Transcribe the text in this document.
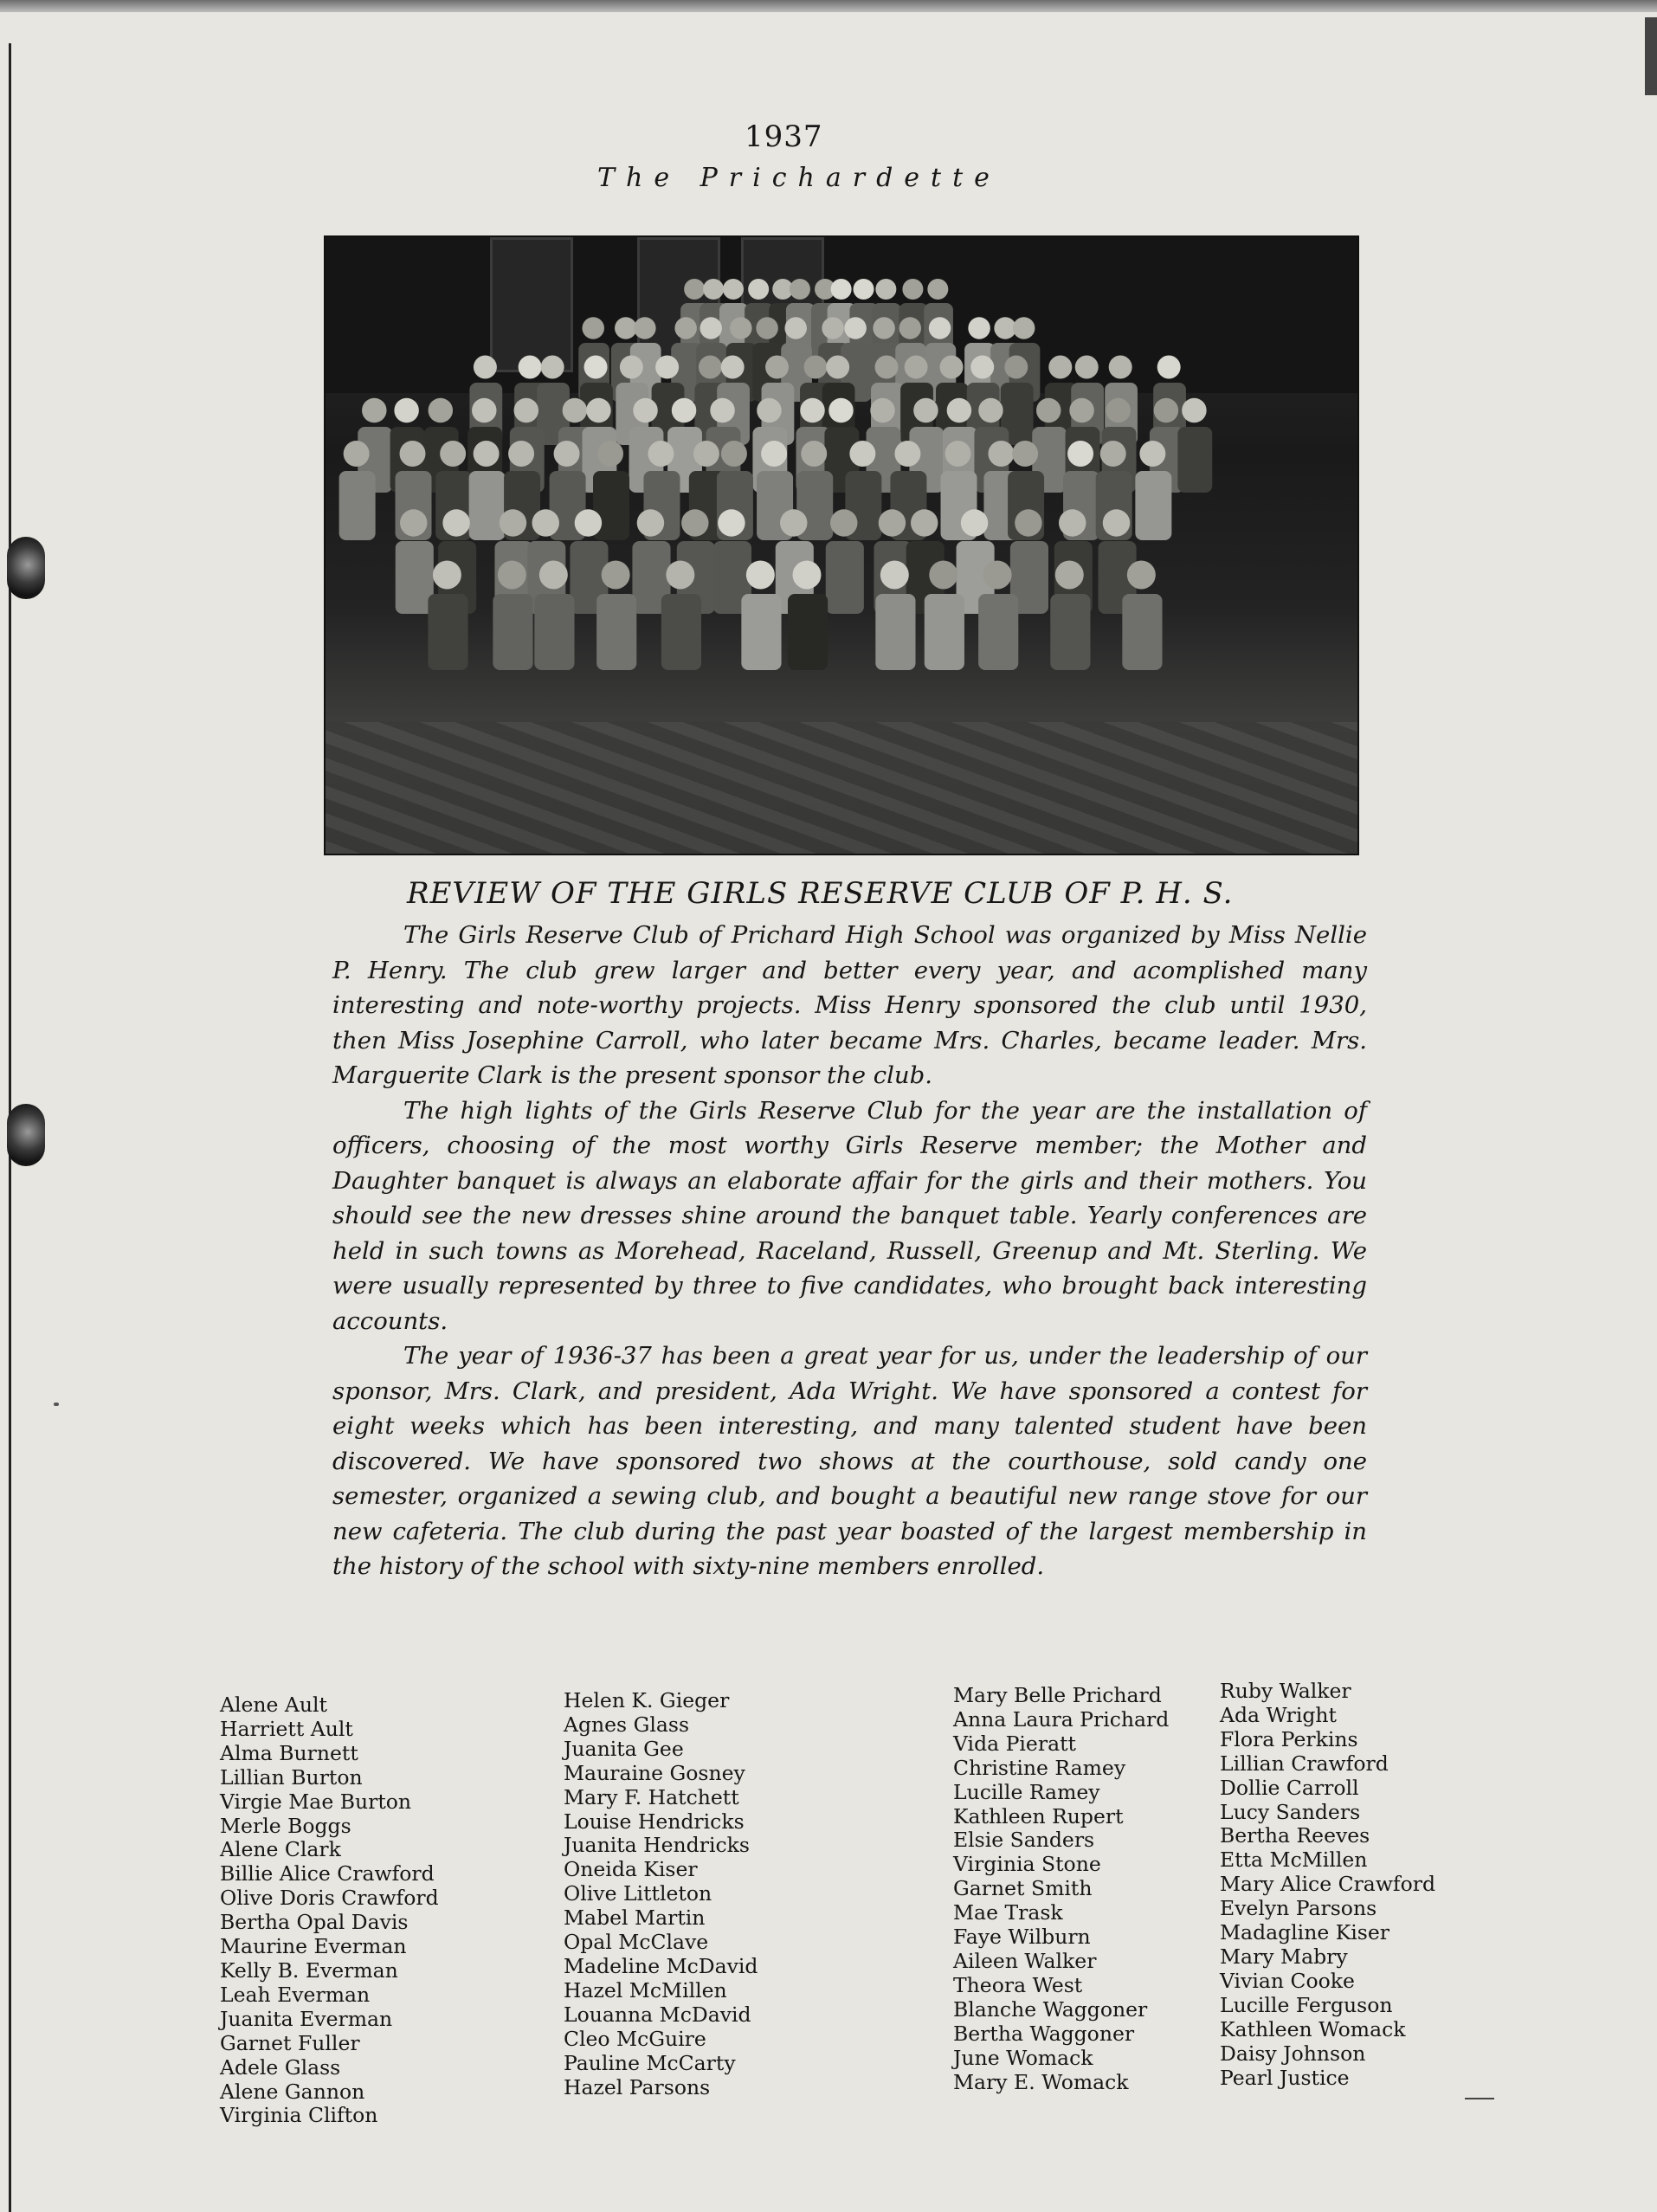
1937
The Prichardette
REVIEW OF THE GIRLS RESERVE CLUB OF P. H. S.

The Girls Reserve Club of Prichard High School was organized by Miss Nellie P. Henry. The club grew larger and better every year, and acomplished many interesting and note-worthy projects. Miss Henry sponsored the club until 1930, then Miss Josephine Carroll, who later became Mrs. Charles, became leader. Mrs. Marguerite Clark is the present sponsor the club.

The high lights of the Girls Reserve Club for the year are the installation of officers, choosing of the most worthy Girls Reserve member; the Mother and Daughter banquet is always an elaborate affair for the girls and their mothers. You should see the new dresses shine around the banquet table. Yearly conferences are held in such towns as Morehead, Raceland, Russell, Greenup and Mt. Sterling. We were usually represented by three to five candidates, who brought back interesting accounts.

The year of 1936-37 has been a great year for us, under the leadership of our sponsor, Mrs. Clark, and president, Ada Wright. We have sponsored a contest for eight weeks which has been interesting, and many talented student have been discovered. We have sponsored two shows at the courthouse, sold candy one semester, organized a sewing club, and bought a beautiful new range stove for our new cafeteria. The club during the past year boasted of the largest membership in the history of the school with sixty-nine members enrolled.

Alene Ault
Harriett Ault
Alma Burnett
Lillian Burton
Virgie Mae Burton
Merle Boggs
Alene Clark
Billie Alice Crawford
Olive Doris Crawford
Bertha Opal Davis
Maurine Everman
Kelly B. Everman
Leah Everman
Juanita Everman
Garnet Fuller
Adele Glass
Alene Gannon
Virginia Clifton
Helen K. Gieger
Agnes Glass
Juanita Gee
Mauraine Gosney
Mary F. Hatchett
Louise Hendricks
Juanita Hendricks
Oneida Kiser
Olive Littleton
Mabel Martin
Opal McClave
Madeline McDavid
Hazel McMillen
Louanna McDavid
Cleo McGuire
Pauline McCarty
Hazel Parsons
Mary Belle Prichard
Anna Laura Prichard
Vida Pieratt
Christine Ramey
Lucille Ramey
Kathleen Rupert
Elsie Sanders
Virginia Stone
Garnet Smith
Mae Trask
Faye Wilburn
Aileen Walker
Theora West
Blanche Waggoner
Bertha Waggoner
June Womack
Mary E. Womack
Ruby Walker
Ada Wright
Flora Perkins
Lillian Crawford
Dollie Carroll
Lucy Sanders
Bertha Reeves
Etta McMillen
Mary Alice Crawford
Evelyn Parsons
Madagline Kiser
Mary Mabry
Vivian Cooke
Lucille Ferguson
Kathleen Womack
Daisy Johnson
Pearl Justice
